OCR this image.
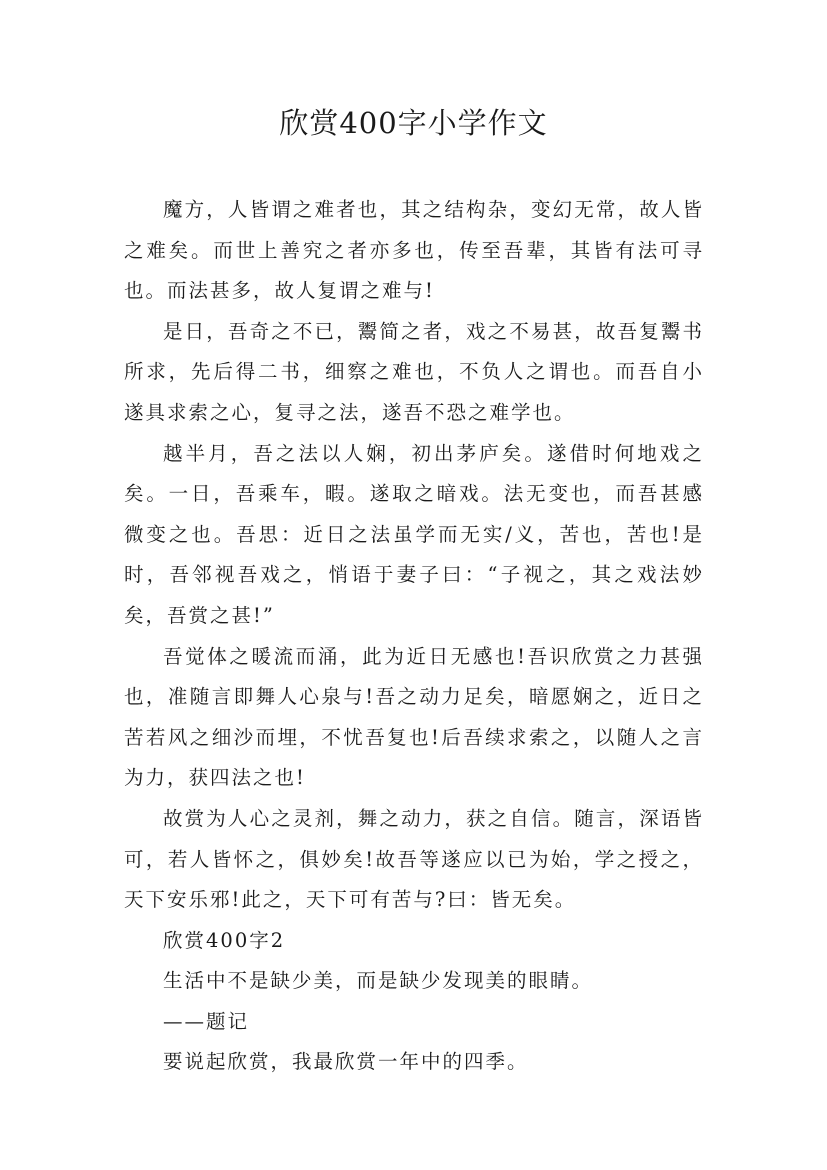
欣赏400字小学作文

魔方，人皆谓之难者也，其之结构杂，变幻无常，故人皆之难矣。而世上善究之者亦多也，传至吾辈，其皆有法可寻也。而法甚多，故人复谓之难与!

是日，吾奇之不已，鬻简之者，戏之不易甚，故吾复鬻书所求，先后得二书，细察之难也，不负人之谓也。而吾自小遂具求索之心，复寻之法，遂吾不恐之难学也。

越半月，吾之法以人娴，初出茅庐矣。遂借时何地戏之矣。一日，吾乘车，暇。遂取之暗戏。法无变也，而吾甚感微变之也。吾思：近日之法虽学而无实/义，苦也，苦也!是时，吾邻视吾戏之，悄语于妻子曰：“子视之，其之戏法妙矣，吾赏之甚!”

吾觉体之暖流而涌，此为近日无感也!吾识欣赏之力甚强也，准随言即舞人心泉与!吾之动力足矣，暗愿娴之，近日之苦若风之细沙而埋，不忧吾复也!后吾续求索之，以随人之言为力，获四法之也!

故赏为人心之灵剂，舞之动力，获之自信。随言，深语皆可，若人皆怀之，俱妙矣!故吾等遂应以已为始，学之授之，天下安乐邪!此之，天下可有苦与?曰：皆无矣。

欣赏400字2

生活中不是缺少美，而是缺少发现美的眼睛。

——题记

要说起欣赏，我最欣赏一年中的四季。
